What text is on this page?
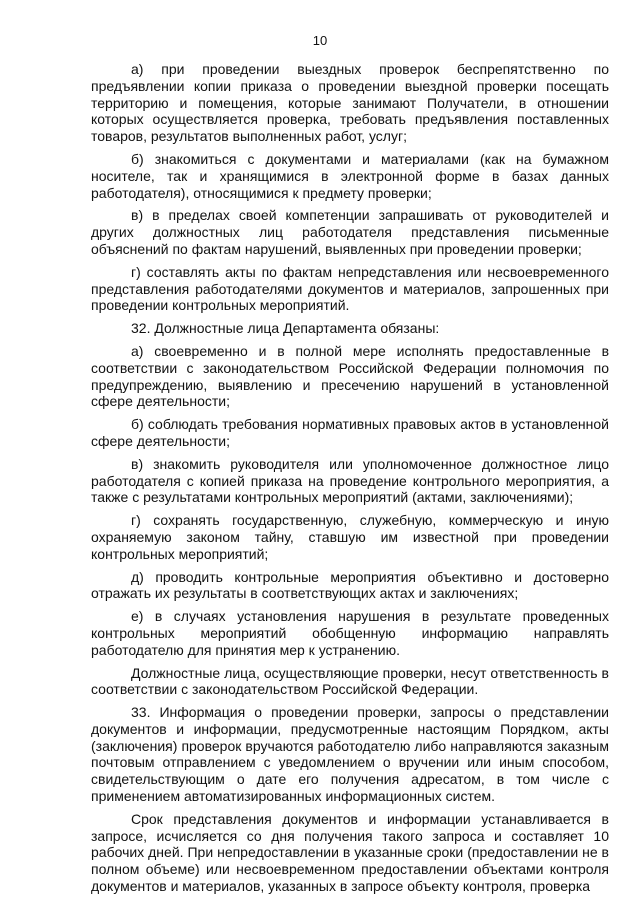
10

а) при проведении выездных проверок беспрепятственно по предъявлении копии приказа о проведении выездной проверки посещать территорию и помещения, которые занимают Получатели, в отношении которых осуществляется проверка, требовать предъявления поставленных товаров, результатов выполненных работ, услуг;

б) знакомиться с документами и материалами (как на бумажном носителе, так и хранящимися в электронной форме в базах данных работодателя), относящимися к предмету проверки;

в) в пределах своей компетенции запрашивать от руководителей и других должностных лиц работодателя представления письменные объяснений по фактам нарушений, выявленных при проведении проверки;

г) составлять акты по фактам непредставления или несвоевременного представления работодателями документов и материалов, запрошенных при проведении контрольных мероприятий.

32. Должностные лица Департамента обязаны:

а) своевременно и в полной мере исполнять предоставленные в соответствии с законодательством Российской Федерации полномочия по предупреждению, выявлению и пресечению нарушений в установленной сфере деятельности;

б) соблюдать требования нормативных правовых актов в установленной сфере деятельности;

в) знакомить руководителя или уполномоченное должностное лицо работодателя с копией приказа на проведение контрольного мероприятия, а также с результатами контрольных мероприятий (актами, заключениями);

г) сохранять государственную, служебную, коммерческую и иную охраняемую законом тайну, ставшую им известной при проведении контрольных мероприятий;

д) проводить контрольные мероприятия объективно и достоверно отражать их результаты в соответствующих актах и заключениях;

е) в случаях установления нарушения в результате проведенных контрольных мероприятий обобщенную информацию направлять работодателю для принятия мер к устранению.

Должностные лица, осуществляющие проверки, несут ответственность в соответствии с законодательством Российской Федерации.

33. Информация о проведении проверки, запросы о представлении документов и информации, предусмотренные настоящим Порядком, акты (заключения) проверок вручаются работодателю либо направляются заказным почтовым отправлением с уведомлением о вручении или иным способом, свидетельствующим о дате его получения адресатом, в том числе с применением автоматизированных информационных систем.

Срок представления документов и информации устанавливается в запросе, исчисляется со дня получения такого запроса и составляет 10 рабочих дней. При непредоставлении в указанные сроки (предоставлении не в полном объеме) или несвоевременном предоставлении объектами контроля документов и материалов, указанных в запросе объекту контроля, проверка
